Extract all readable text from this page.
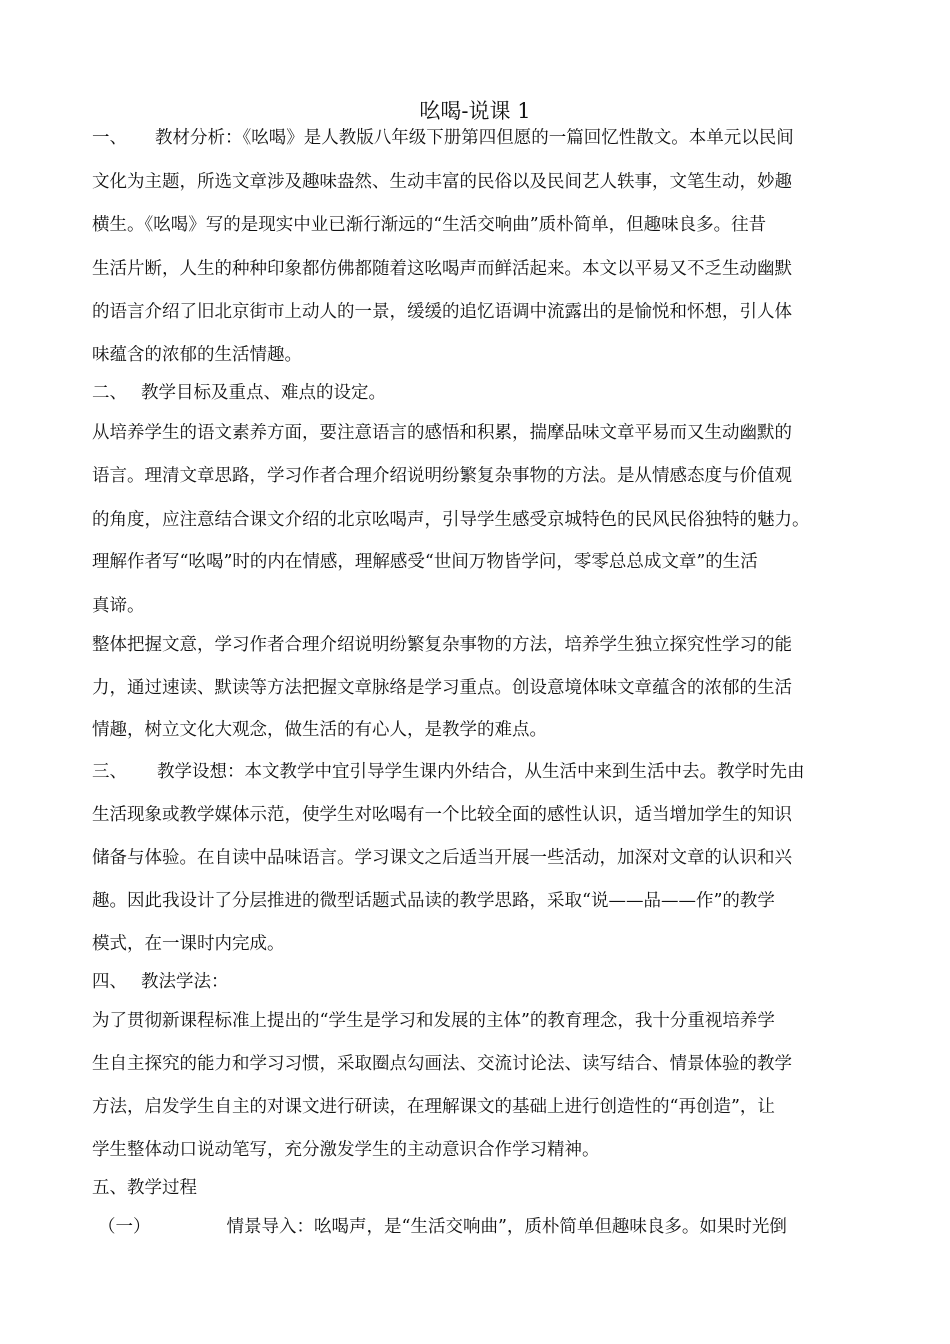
吆喝-说课 1
一、 教材分析：《吆喝》是人教版八年级下册第四但愿的一篇回忆性散文。本单元以民间
文化为主题，所选文章涉及趣味盎然、生动丰富的民俗以及民间艺人轶事，文笔生动，妙趣
横生。《吆喝》写的是现实中业已渐行渐远的“生活交响曲”质朴简单，但趣味良多。往昔
生活片断，人生的种种印象都仿佛都随着这吆喝声而鲜活起来。本文以平易又不乏生动幽默
的语言介绍了旧北京街市上动人的一景，缓缓的追忆语调中流露出的是愉悦和怀想，引人体
味蕴含的浓郁的生活情趣。
二、 教学目标及重点、难点的设定。
从培养学生的语文素养方面，要注意语言的感悟和积累，揣摩品味文章平易而又生动幽默的
语言。理清文章思路，学习作者合理介绍说明纷繁复杂事物的方法。是从情感态度与价值观
的角度，应注意结合课文介绍的北京吆喝声，引导学生感受京城特色的民风民俗独特的魅力。
理解作者写“吆喝”时的内在情感，理解感受“世间万物皆学问，零零总总成文章”的生活
真谛。
整体把握文意，学习作者合理介绍说明纷繁复杂事物的方法，培养学生独立探究性学习的能
力，通过速读、默读等方法把握文章脉络是学习重点。创设意境体味文章蕴含的浓郁的生活
情趣，树立文化大观念，做生活的有心人，是教学的难点。
三、 教学设想：本文教学中宜引导学生课内外结合，从生活中来到生活中去。教学时先由
生活现象或教学媒体示范，使学生对吆喝有一个比较全面的感性认识，适当增加学生的知识
储备与体验。在自读中品味语言。学习课文之后适当开展一些活动，加深对文章的认识和兴
趣。因此我设计了分层推进的微型话题式品读的教学思路，采取“说——品——作”的教学
模式，在一课时内完成。
四、 教法学法：
为了贯彻新课程标准上提出的“学生是学习和发展的主体”的教育理念，我十分重视培养学
生自主探究的能力和学习习惯，采取圈点勾画法、交流讨论法、读写结合、情景体验的教学
方法，启发学生自主的对课文进行研读，在理解课文的基础上进行创造性的“再创造”，让
学生整体动口说动笔写，充分激发学生的主动意识合作学习精神。
五、教学过程
（一）	情景导入：吆喝声，是“生活交响曲”，质朴简单但趣味良多。如果时光倒
